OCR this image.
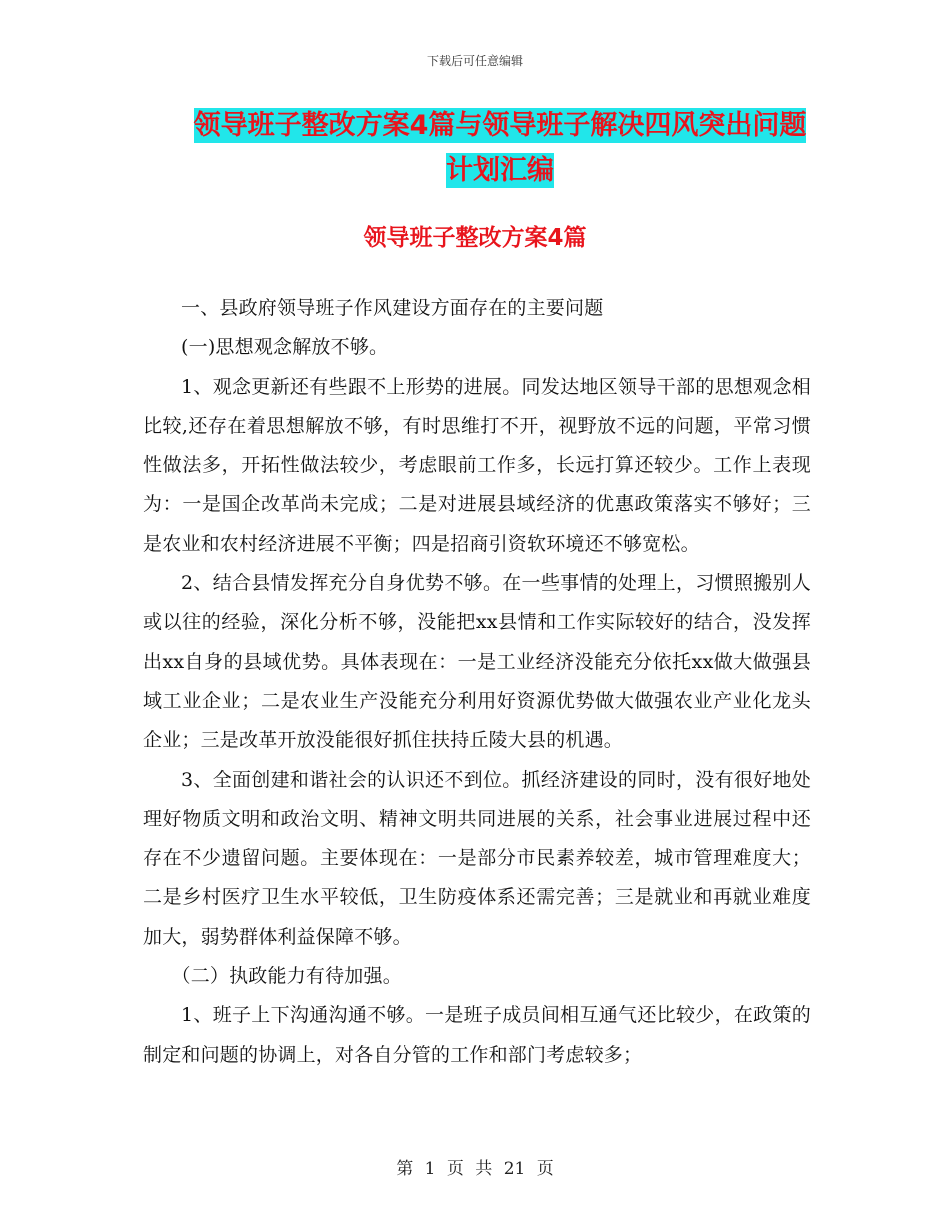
下载后可任意编辑
领导班子整改方案4篇与领导班子解决四风突出问题
计划汇编
领导班子整改方案4篇

一、县政府领导班子作风建设方面存在的主要问题

(一)思想观念解放不够。

1、观念更新还有些跟不上形势的进展。同发达地区领导干部的思想观念相比较,还存在着思想解放不够，有时思维打不开，视野放不远的问题，平常习惯性做法多，开拓性做法较少，考虑眼前工作多，长远打算还较少。工作上表现为：一是国企改革尚未完成；二是对进展县域经济的优惠政策落实不够好；三是农业和农村经济进展不平衡；四是招商引资软环境还不够宽松。

2、结合县情发挥充分自身优势不够。在一些事情的处理上，习惯照搬别人或以往的经验，深化分析不够，没能把xx县情和工作实际较好的结合，没发挥出xx自身的县域优势。具体表现在：一是工业经济没能充分依托xx做大做强县域工业企业；二是农业生产没能充分利用好资源优势做大做强农业产业化龙头企业；三是改革开放没能很好抓住扶持丘陵大县的机遇。

3、全面创建和谐社会的认识还不到位。抓经济建设的同时，没有很好地处理好物质文明和政治文明、精神文明共同进展的关系，社会事业进展过程中还存在不少遗留问题。主要体现在：一是部分市民素养较差，城市管理难度大；二是乡村医疗卫生水平较低，卫生防疫体系还需完善；三是就业和再就业难度加大，弱势群体利益保障不够。

（二）执政能力有待加强。

1、班子上下沟通沟通不够。一是班子成员间相互通气还比较少，在政策的制定和问题的协调上，对各自分管的工作和部门考虑较多；

第 1 页 共 21 页
